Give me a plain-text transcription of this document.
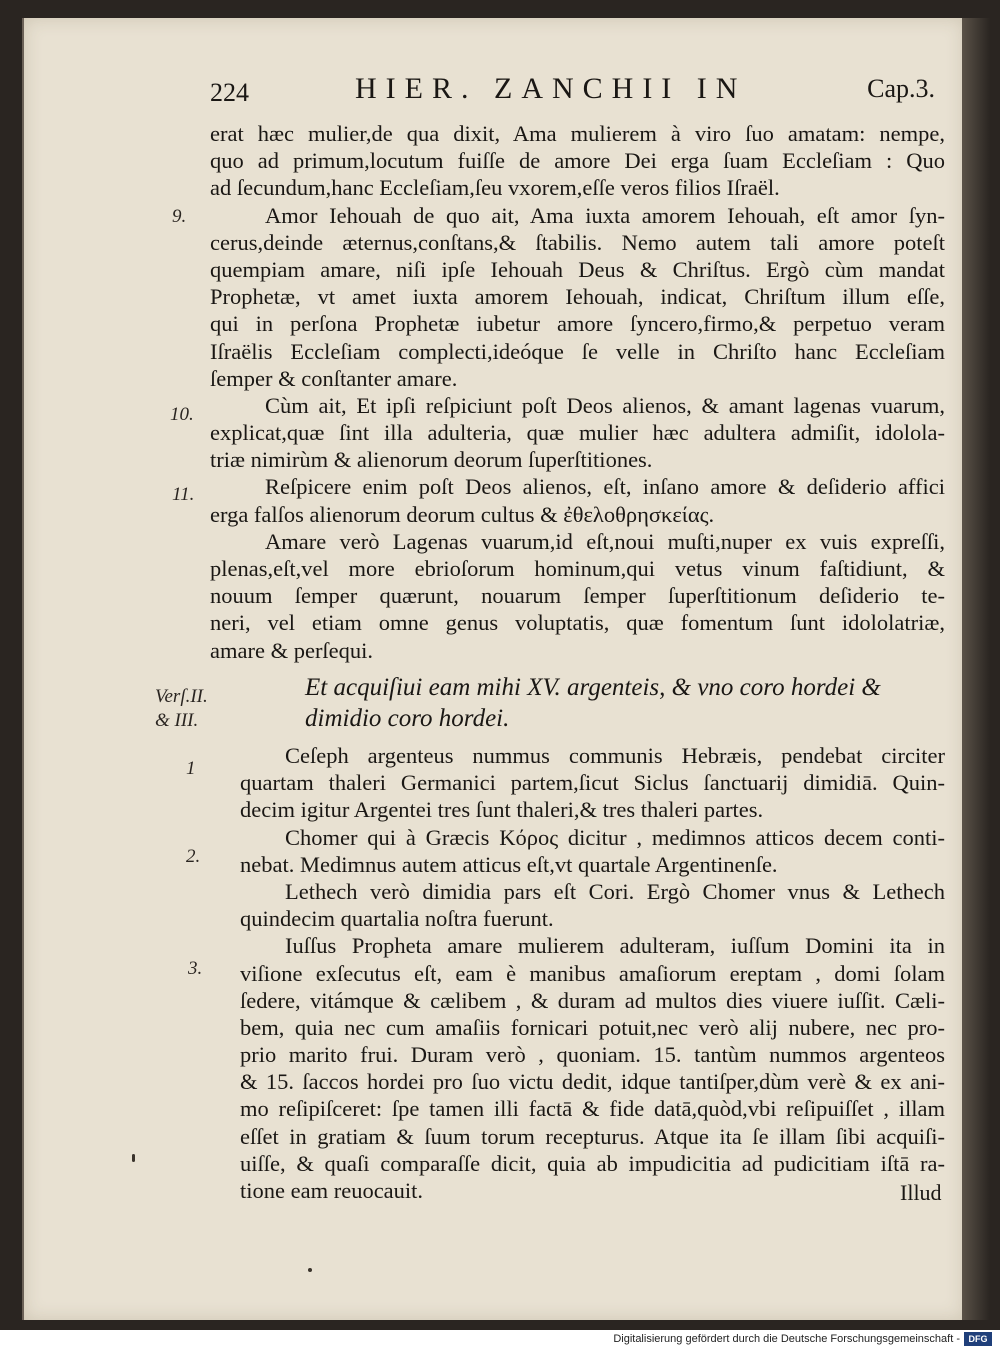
224	HIER. ZANCHII IN	Cap.3.
9.
10.
11.
Verſ.II.
& III.
1
2.
3.
erat hæc mulier,de qua dixit, Ama mulierem à viro ſuo amatam: nempe,
quo ad primum,locutum fuiſſe de amore Dei erga ſuam Eccleſiam : Quo
ad ſecundum,hanc Eccleſiam,ſeu vxorem,eſſe veros filios Iſraël.
Amor Iehouah de quo ait, Ama iuxta amorem Iehouah, eſt amor ſyn-
cerus,deinde æternus,conſtans,& ſtabilis. Nemo autem tali amore poteſt
quempiam amare, niſi ipſe Iehouah Deus & Chriſtus. Ergò cùm mandat
Prophetæ, vt amet iuxta amorem Iehouah, indicat, Chriſtum illum eſſe,
qui in perſona Prophetæ iubetur amore ſyncero,firmo,& perpetuo veram
Iſraëlis Eccleſiam complecti,ideóque ſe velle in Chriſto hanc Eccleſiam
ſemper & conſtanter amare.
Cùm ait, Et ipſi reſpiciunt poſt Deos alienos, & amant lagenas vuarum,
explicat,quæ ſint illa adulteria, quæ mulier hæc adultera admiſit, idolola-
triæ nimirùm & alienorum deorum ſuperſtitiones.
Reſpicere enim poſt Deos alienos, eſt, inſano amore & deſiderio affici
erga falſos alienorum deorum cultus & ἐθελοθρησκείας.
Amare verò Lagenas vuarum,id eſt,noui muſti,nuper ex vuis expreſſi,
plenas,eſt,vel more ebrioſorum hominum,qui vetus vinum faſtidiunt, &
nouum ſemper quærunt, nouarum ſemper ſuperſtitionum deſiderio te-
neri, vel etiam omne genus voluptatis, quæ fomentum ſunt idololatriæ,
amare & perſequi.
Et acquiſiui eam mihi XV. argenteis, & vno coro hordei &
dimidio coro hordei.
Ceſeph argenteus nummus communis Hebræis, pendebat circiter
quartam thaleri Germanici partem,ſicut Siclus ſanctuarij dimidiā. Quin-
decim igitur Argentei tres ſunt thaleri,& tres thaleri partes.
Chomer qui à Græcis Κόρος dicitur , medimnos atticos decem conti-
nebat. Medimnus autem atticus eſt,vt quartale Argentinenſe.
Lethech verò dimidia pars eſt Cori. Ergò Chomer vnus & Lethech
quindecim quartalia noſtra fuerunt.
Iuſſus Propheta amare mulierem adulteram, iuſſum Domini ita in
viſione exſecutus eſt, eam è manibus amaſiorum ereptam , domi ſolam
ſedere, vitámque & cælibem , & duram ad multos dies viuere iuſſit. Cæli-
bem, quia nec cum amaſiis fornicari potuit,nec verò alij nubere, nec pro-
prio marito frui. Duram verò , quoniam. 15. tantùm nummos argenteos
& 15. ſaccos hordei pro ſuo victu dedit, idque tantiſper,dùm verè & ex ani-
mo reſipiſceret: ſpe tamen illi factā & fide datā,quòd,vbi reſipuiſſet , illam
eſſet in gratiam & ſuum torum recepturus. Atque ita ſe illam ſibi acquiſi-
uiſſe, & quaſi comparaſſe dicit, quia ab impudicitia ad pudicitiam iſtā ra-
tione eam reuocauit.	Illud
Digitalisierung gefördert durch die Deutsche Forschungsgemeinschaft - DFG
